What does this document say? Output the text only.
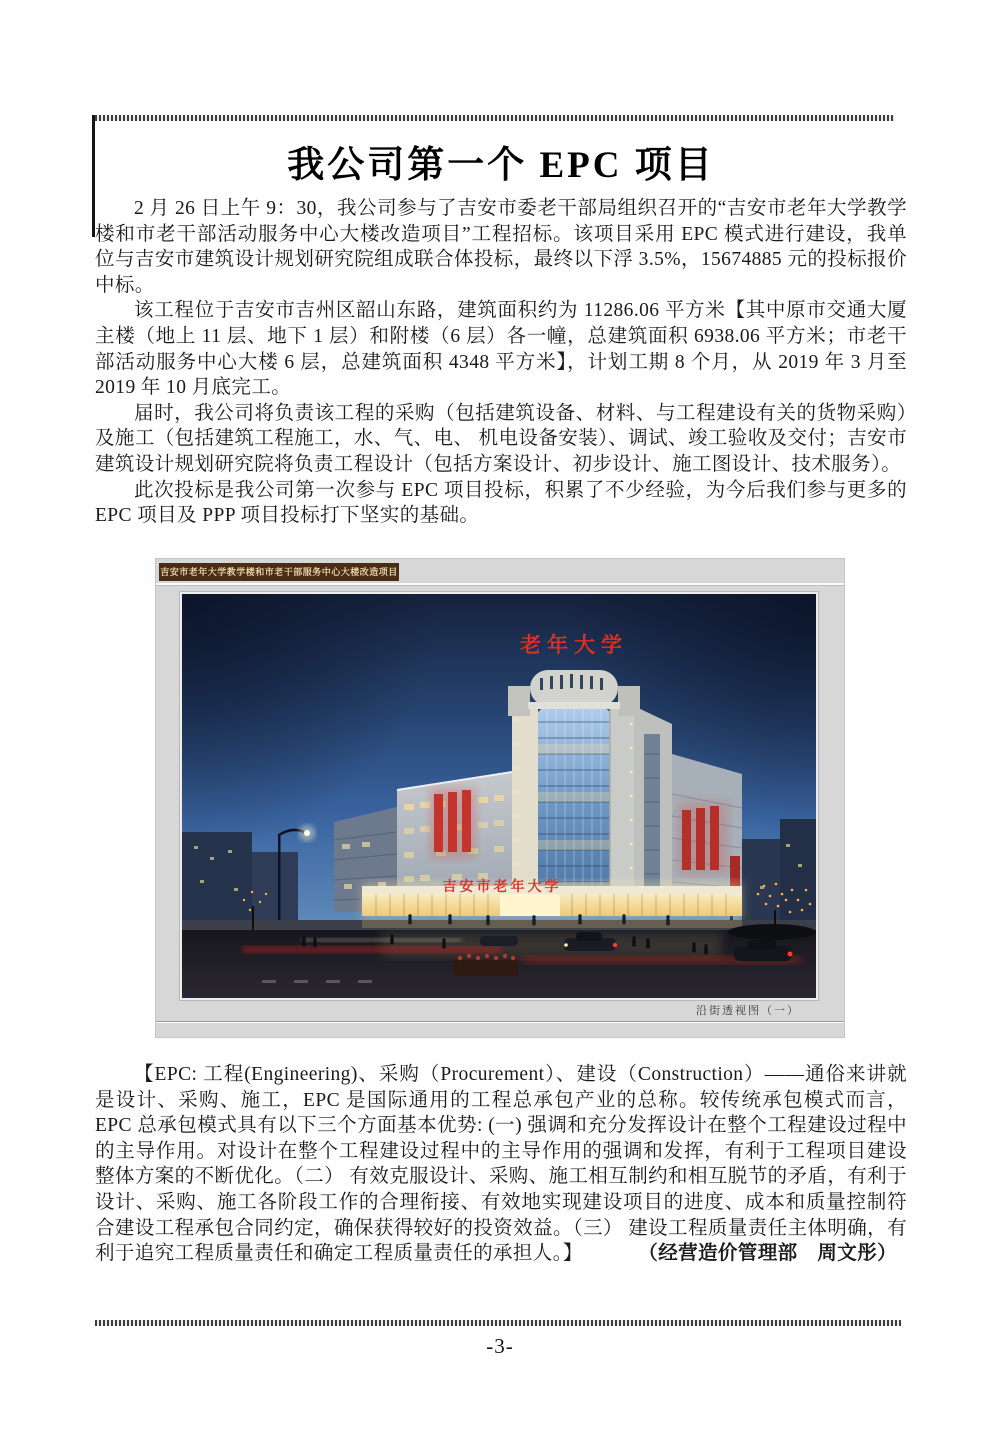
我公司第一个 EPC 项目

2 月 26 日上午 9：30，我公司参与了吉安市委老干部局组织召开的“吉安市老年大学教学楼和市老干部活动服务中心大楼改造项目”工程招标。该项目采用 EPC 模式进行建设，我单位与吉安市建筑设计规划研究院组成联合体投标，最终以下浮 3.5%，15674885 元的投标报价中标。

该工程位于吉安市吉州区韶山东路，建筑面积约为 11286.06 平方米【其中原市交通大厦主楼（地上 11 层、地下 1 层）和附楼（6 层）各一幢，总建筑面积 6938.06 平方米；市老干部活动服务中心大楼 6 层，总建筑面积 4348 平方米】，计划工期 8 个月，从 2019 年 3 月至 2019 年 10 月底完工。

届时，我公司将负责该工程的采购（包括建筑设备、材料、与工程建设有关的货物采购）及施工（包括建筑工程施工，水、气、电、 机电设备安装）、调试、竣工验收及交付；吉安市建筑设计规划研究院将负责工程设计（包括方案设计、初步设计、施工图设计、技术服务）。

此次投标是我公司第一次参与 EPC 项目投标，积累了不少经验，为今后我们参与更多的 EPC 项目及 PPP 项目投标打下坚实的基础。

吉安市老年大学教学楼和市老干部服务中心大楼改造项目
老年大学
吉安市老年大学
沿街透视图（一）

【EPC: 工程(Engineering)、采购（Procurement）、建设（Construction）——通俗来讲就是设计、采购、施工，EPC 是国际通用的工程总承包产业的总称。较传统承包模式而言，EPC 总承包模式具有以下三个方面基本优势: (一) 强调和充分发挥设计在整个工程建设过程中的主导作用。对设计在整个工程建设过程中的主导作用的强调和发挥，有利于工程项目建设整体方案的不断优化。（二） 有效克服设计、采购、施工相互制约和相互脱节的矛盾，有利于设计、采购、施工各阶段工作的合理衔接、有效地实现建设项目的进度、成本和质量控制符合建设工程承包合同约定，确保获得较好的投资效益。（三） 建设工程质量责任主体明确，有利于追究工程质量责任和确定工程质量责任的承担人。】	（经营造价管理部　周文彤）
-3-
